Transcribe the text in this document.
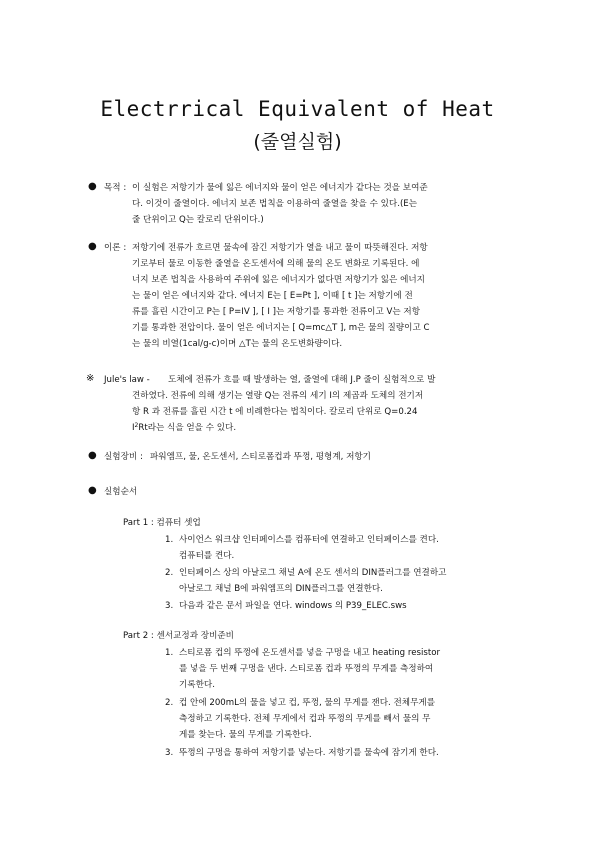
Electrrical Equivalent of Heat
(줄열실험)
● 목적 : 이 실험은 저항기가 물에 잃은 에너지와 물이 얻은 에너지가 같다는 것을 보여준
다. 이것이 줄열이다. 에너지 보존 법칙을 이용하여 줄열을 찾을 수 있다.(E는
줄 단위이고 Q는 칼로리 단위이다.)
● 이론 : 저항기에 전류가 흐르면 물속에 잠긴 저항기가 열을 내고 물이 따뜻해진다. 저항
기로부터 물로 이동한 줄열을 온도센서에 의해 물의 온도 변화로 기록된다. 에
너지 보존 법칙을 사용하여 주위에 잃은 에너지가 없다면 저항기가 잃은 에너지
는 물이 얻은 에너지와 같다. 에너지 E는 [ E=Pt ], 이때 [ t ]는 저항기에 전
류를 흘린 시간이고 P는 [ P=IV ], [ I ]는 저항기를 통과한 전류이고 V는 저항
기를 통과한 전압이다. 물이 얻은 에너지는 [ Q=mc△T ], m은 물의 질량이고 C
는 물의 비열(1cal/g-c)이며 △T는 물의 온도변화량이다.
※ Jule's law -	도체에 전류가 흐를 때 발생하는 열, 줄열에 대해 J.P 줄이 실험적으로 발
견하였다. 전류에 의해 생기는 열량 Q는 전류의 세기 I의 제곱과 도체의 전기저
항 R 과 전류를 흘린 시간 t 에 비례한다는 법칙이다. 칼로리 단위로 Q=0.24
$I^2Rt$라는 식을 얻을 수 있다.
● 실험장비 : 파워엠프, 물, 온도센서, 스티로폼컵과 뚜껑, 평형계, 저항기
● 실험순서
Part 1 : 컴퓨터 셋업
1. 사이언스 워크샵 인터페이스를 컴퓨터에 연결하고 인터페이스를 켠다.
컴퓨터를 켠다.
2. 인터페이스 상의 아날로그 채널 A에 온도 센서의 DIN플러그를 연결하고
아날로그 채널 B에 파워엠프의 DIN플러그를 연결한다.
3. 다음과 같은 문서 파일을 연다. windows 의 P39_ELEC.sws
Part 2 : 센서교정과 장비준비
1. 스티로폼 컵의 뚜껑에 온도센서를 넣을 구멍을 내고 heating resistor
를 넣을 두 번째 구멍을 낸다. 스티로폼 컵과 뚜껑의 무게를 측정하여
기록한다.
2. 컵 안에 200mL의 물을 넣고 컵, 뚜껑, 물의 무게를 잰다. 전체무게를
측정하고 기록한다. 전체 무게에서 컵과 뚜껑의 무게를 빼서 물의 무
게를 찾는다. 물의 무게를 기록한다.
3. 뚜껑의 구멍을 통하여 저항기를 넣는다. 저항기를 물속에 잠기게 한다.
